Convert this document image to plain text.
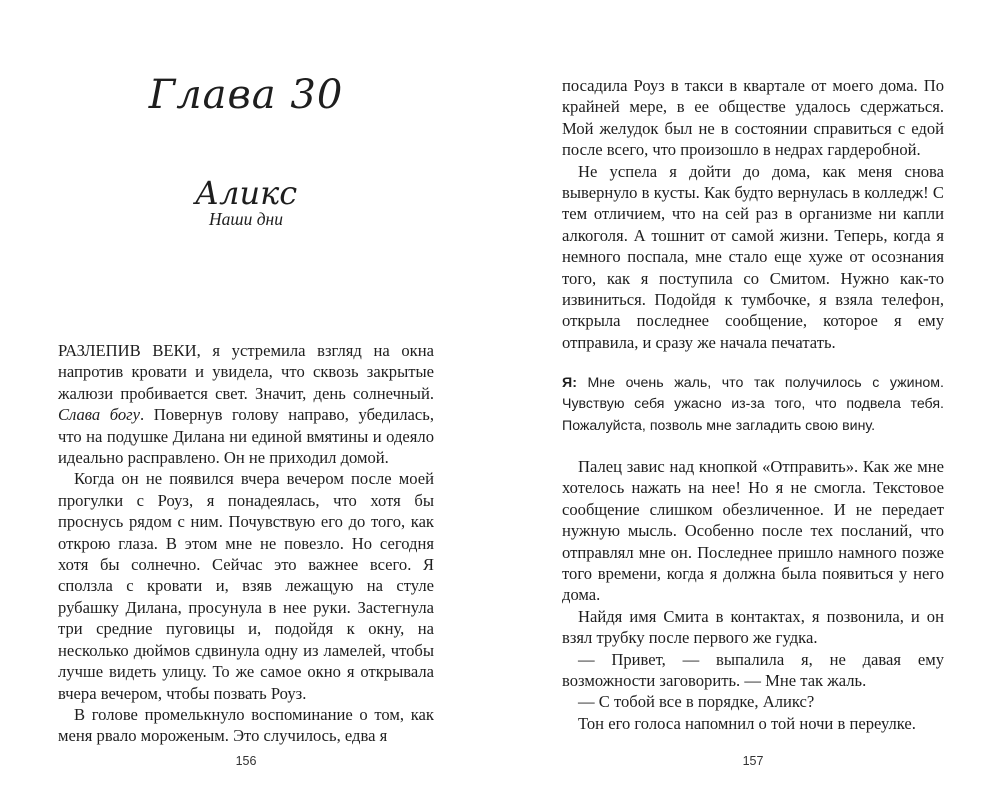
Глава 30
Аликс

Наши дни

РАЗЛЕПИВ ВЕКИ, я устремила взгляд на окна напротив кровати и увидела, что сквозь закрытые жалюзи пробивается свет. Значит, день солнечный. Слава богу. Повернув голову направо, убедилась, что на подушке Дилана ни единой вмятины и одеяло идеально расправлено. Он не приходил домой.

Когда он не появился вчера вечером после моей прогулки с Роуз, я понадеялась, что хотя бы проснусь рядом с ним. Почувствую его до того, как открою глаза. В этом мне не повезло. Но сегодня хотя бы солнечно. Сейчас это важнее всего. Я сползла с кровати и, взяв лежащую на стуле рубашку Дилана, просунула в нее руки. Застегнула три средние пуговицы и, подойдя к окну, на несколько дюймов сдвинула одну из ламелей, чтобы лучше видеть улицу. То же самое окно я открывала вчера вечером, чтобы позвать Роуз.

В голове промелькнуло воспоминание о том, как меня рвало мороженым. Это случилось, едва я

156

посадила Роуз в такси в квартале от моего дома. По крайней мере, в ее обществе удалось сдержаться. Мой желудок был не в состоянии справиться с едой после всего, что произошло в недрах гардеробной.

Не успела я дойти до дома, как меня снова вывернуло в кусты. Как будто вернулась в колледж! С тем отличием, что на сей раз в организме ни капли алкоголя. А тошнит от самой жизни. Теперь, когда я немного поспала, мне стало еще хуже от осознания того, как я поступила со Смитом. Нужно как-то извиниться. Подойдя к тумбочке, я взяла телефон, открыла последнее сообщение, которое я ему отправила, и сразу же начала печатать.

Я: Мне очень жаль, что так получилось с ужином. Чувствую себя ужасно из-за того, что подвела тебя. Пожалуйста, позволь мне загладить свою вину.

Палец завис над кнопкой «Отправить». Как же мне хотелось нажать на нее! Но я не смогла. Текстовое сообщение слишком обезличенное. И не передает нужную мысль. Особенно после тех посланий, что отправлял мне он. Последнее пришло намного позже того времени, когда я должна была появиться у него дома.

Найдя имя Смита в контактах, я позвонила, и он взял трубку после первого же гудка.

— Привет, — выпалила я, не давая ему возможности заговорить. — Мне так жаль.

— С тобой все в порядке, Аликс?

Тон его голоса напомнил о той ночи в переулке.

157
